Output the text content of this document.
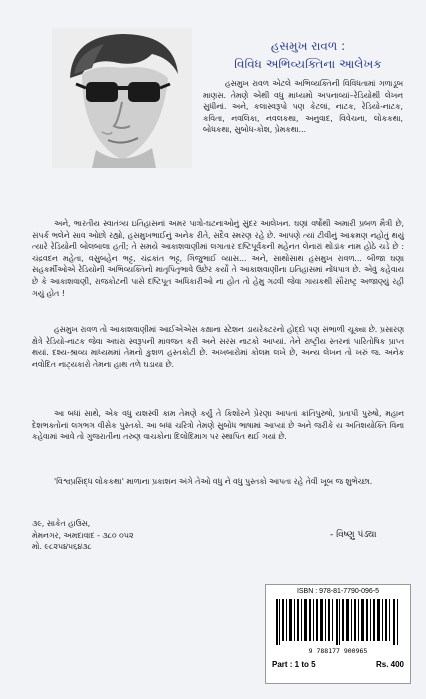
હસમુખ રાવળ :
વિવિધ અભિવ્યક્તિના આલેખક

હસમુખ રાવળ એટલે અભિવ્યક્તિની વિવિધતામાં ગળાડૂબ માણસ. તેમણે એથી વધુ માધ્યમો અપનાવ્યાં–રેડિયોથી લેખન સુધીનાં. અને, કલાસ્વરૂપો પણ કેટલાં, નાટક, રેડિયો-નાટક, કવિતા, નવલિકા, નવલકથા, અનુવાદ, વિવેચના, લોકકથા, બોધકથા, સુબોધ-કોશ, પ્રેમકથા...

અને, ભારતીય સ્વાતંત્ર્ય ઇતિહાસનાં અમર પાત્રો-ઘટનાઓનું સુંદર આલેખન. ઘણાં વર્ષોથી અમારી પ્રબળ મૈત્રી છે, સંપર્ક ભલેને સાવ ઓછો રહ્યો, હસમુખભાઈનું અનેક રીતે, સદૈવ સ્મરણ રહે છે. આપણે ત્યાં ટીવીનું આક્રમણ નહોતું થયું ત્યારે રેડિયોની બોલબાલા હતી; તે સમયે આકાશવાણીમાં લગાતાર દષ્ટિપૂર્વકની મહેનત લેનારાં થોડાંક નામ હોઠે ચડે છે : ચંદ્રવદન મહેતા, વસુબહેન ભટ્ટ, ચંદ્રકાંત ભટ્ટ, ગિજુભાઈ વ્યાસ... અને, સાથોસાથ હસમુખ રાવળ... બીજા ઘણા સહકર્મીઓએ રેડિયોની અભિવ્યક્તિનો માતૃપિતૃભાવે ઉછેર કર્યો તે આકાશવાણીના ઇતિહાસમાં નોંધપાત્ર છે. એવું કહેવાય છે કે આકાશવાણી, રાજકોટની પાસે દષ્ટિપૂત અધિકારીઓ ના હોત તો હેમુ ગઢવી જેવા ગાયકથી સૌરાષ્ટ્ર અજાણ્યું રહી ગયું હોત !

હસમુખ રાવળ તો આકાશવાણીમાં આઈએએસ કક્ષાના સ્ટેશન ડાયરેક્ટરનો હોદ્દો પણ સંભાળી ચૂક્યા છે. પ્રસારણ ક્ષેત્રે રેડિયો-નાટક જેવા અઘરા સ્વરૂપની માવજત કરી અને સરસ નાટકો આપ્યાં. તેને રાષ્ટ્રીય સ્તરનાં પારિતોષિક પ્રાપ્ત થયાં. દશ્ય-શ્રાવ્ય માધ્યમમાં તેમનો કુશળ હસ્તકોટી છે. અખબારોમાં કોલમ લખે છે, અન્ય લેખન તો ખરું જ. અનેક નવોદિત નાટ્યકારો તેમના હાથ તળે ઘડાયા છે.

આ બધાં સાથે, એક વધુ યશસ્વી કામ તેમણે કર્યું તે કિશોરને પ્રેરણા આપતાં ક્રાંતિપુરુષો, પ્રતાપી પુરુષો, મહાન દેશભક્તોનાં લગભગ વીસેક પુસ્તકો. આ બધાં ચરિત્રો તેમણે સુબોધ ભાષામાં આપ્યાં છે અને જરીકે ય અતિશયોક્તિ વિના કહેવામાં આવે તો ગુજરાતીના તરુણ વાચકોના દિલોદિમાગ પર સ્થાપિત થઈ ગયાં છે.

'વિશ્વપ્રસિદ્ધ લોકકથા' માળાના પ્રકાશન અંગે તેઓ વધુ ને વધુ પુસ્તકો આપતા રહે તેવી ખૂબ જ શુભેચ્છા.

- વિષ્ણુ પંડ્યા
૩૯, સાકેત હાઉસ,
મેમનગર, અમદાવાદ - ૩૮૦ ૦૫૨
મો. ૯૮૨૫૪૫૬૪૩૮
ISBN : 978-81-7790-096-5
9 788177 900965
Part : 1 to 5	Rs. 400
